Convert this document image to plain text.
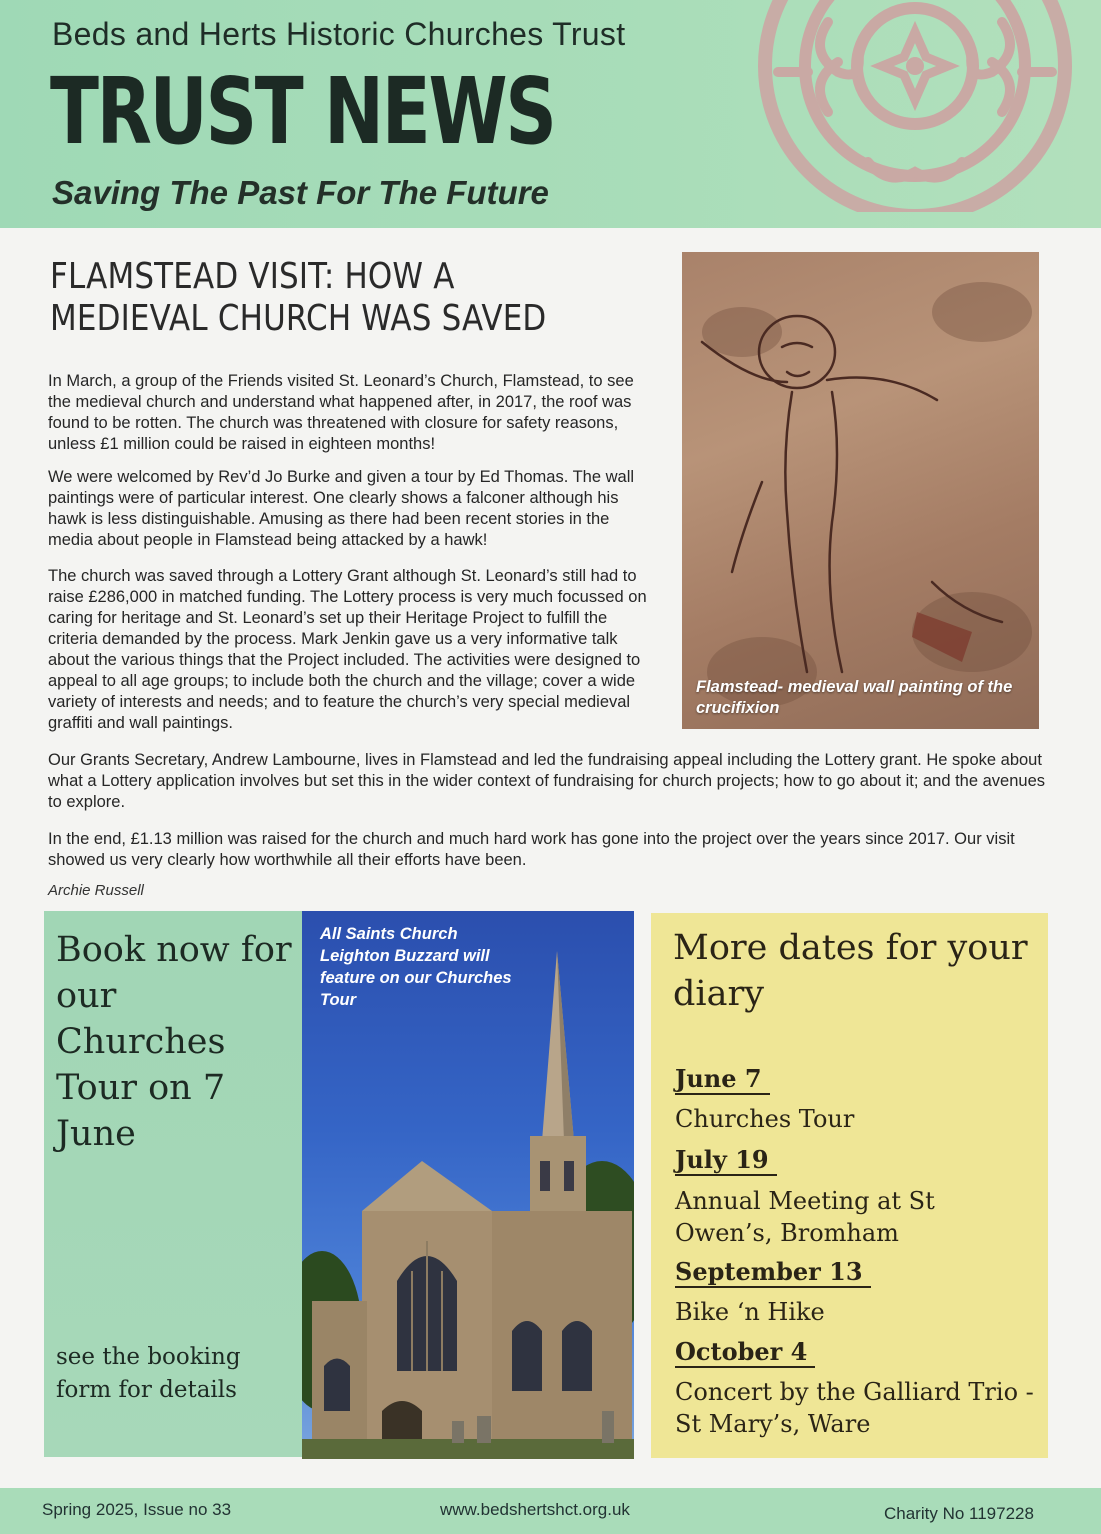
Beds and Herts Historic Churches Trust
TRUST NEWS
Saving The Past For The Future
FLAMSTEAD VISIT: HOW A MEDIEVAL CHURCH WAS SAVED

In March, a group of the Friends visited St. Leonard’s Church, Flamstead, to see the medieval church and understand what happened after, in 2017, the roof was found to be rotten. The church was threatened with closure for safety reasons, unless £1 million could be raised in eighteen months!

We were welcomed by Rev’d Jo Burke and given a tour by Ed Thomas. The wall paintings were of particular interest. One clearly shows a falconer although his hawk is less distinguishable. Amusing as there had been recent stories in the media about people in Flamstead being attacked by a hawk!

The church was saved through a Lottery Grant although St. Leonard’s still had to raise £286,000 in matched funding. The Lottery process is very much focussed on caring for heritage and St. Leonard’s set up their Heritage Project to fulfill the criteria demanded by the process. Mark Jenkin gave us a very informative talk about the various things that the Project included. The activities were designed to appeal to all age groups; to include both the church and the village; cover a wide variety of interests and needs; and to feature the church’s very special medieval graffiti and wall paintings.

Our Grants Secretary, Andrew Lambourne, lives in Flamstead and led the fundraising appeal including the Lottery grant. He spoke about what a Lottery application involves but set this in the wider context of fundraising for church projects; how to go about it; and the avenues to explore.

In the end, £1.13 million was raised for the church and much hard work has gone into the project over the years since 2017. Our visit showed us very clearly how worthwhile all their efforts have been.

Archie Russell
Flamstead- medieval wall painting of the crucifixion
Book now for our Churches Tour on 7 June
see the booking form for details
All Saints Church Leighton Buzzard will feature on our Churches Tour
More dates for your diary
June 7
Churches Tour
July 19
Annual Meeting at St Owen’s, Bromham
September 13
Bike ‘n Hike
October 4
Concert by the Galliard Trio - St Mary’s, Ware
Spring 2025, Issue no 33	www.bedshertshct.org.uk	Charity No 1197228
